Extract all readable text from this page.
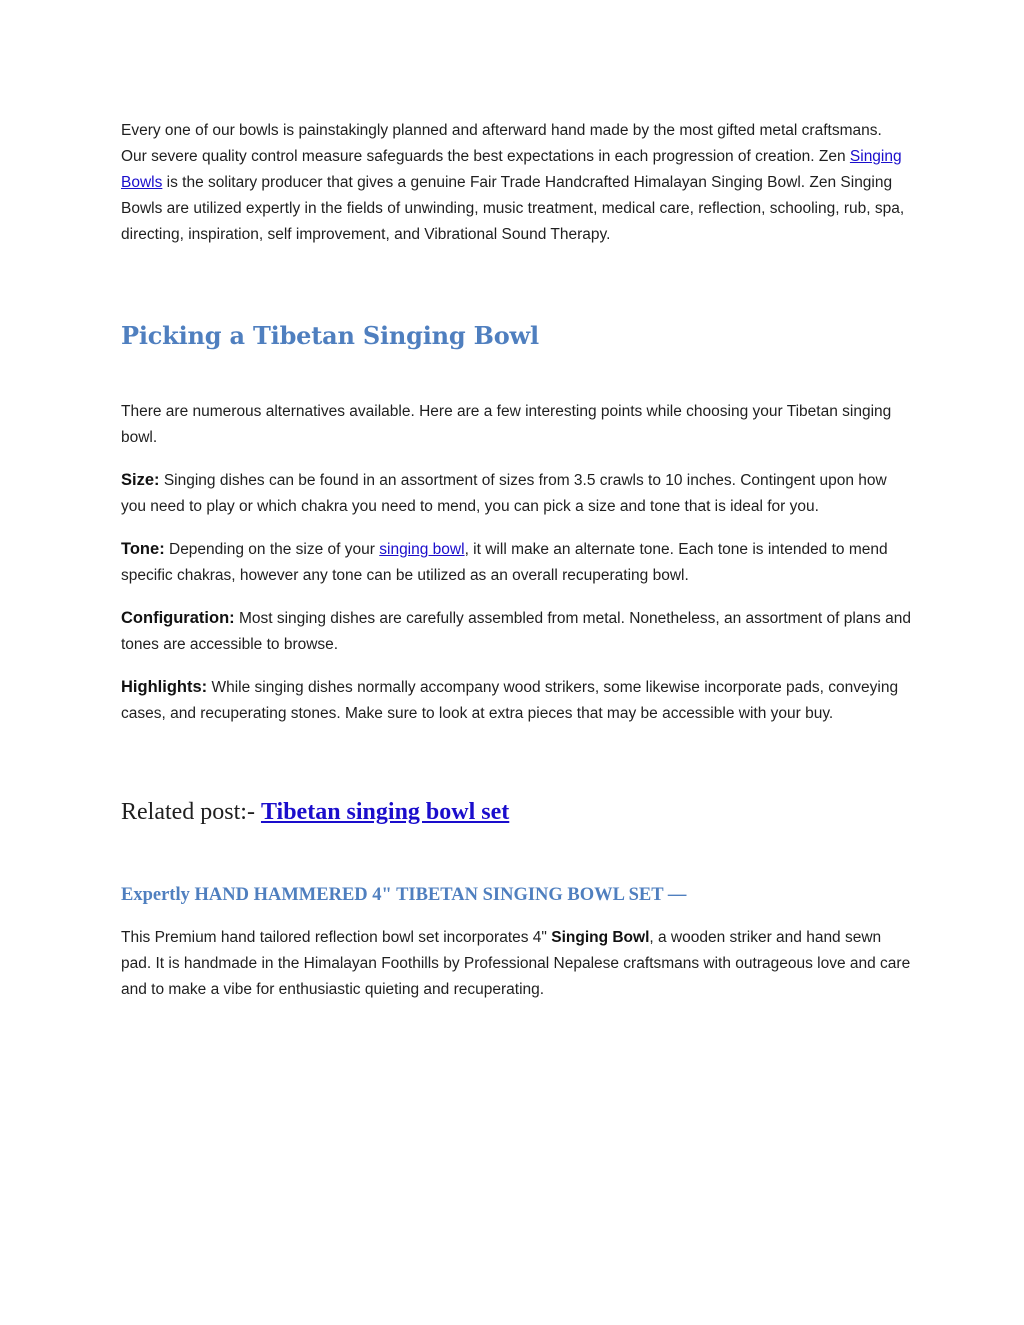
Every one of our bowls is painstakingly planned and afterward hand made by the most gifted metal craftsmans. Our severe quality control measure safeguards the best expectations in each progression of creation. Zen Singing Bowls is the solitary producer that gives a genuine Fair Trade Handcrafted Himalayan Singing Bowl. Zen Singing Bowls are utilized expertly in the fields of unwinding, music treatment, medical care, reflection, schooling, rub, spa, directing, inspiration, self improvement, and Vibrational Sound Therapy.

Picking a Tibetan Singing Bowl

There are numerous alternatives available. Here are a few interesting points while choosing your Tibetan singing bowl.

Size: Singing dishes can be found in an assortment of sizes from 3.5 crawls to 10 inches. Contingent upon how you need to play or which chakra you need to mend, you can pick a size and tone that is ideal for you.

Tone: Depending on the size of your singing bowl, it will make an alternate tone. Each tone is intended to mend specific chakras, however any tone can be utilized as an overall recuperating bowl.

Configuration: Most singing dishes are carefully assembled from metal. Nonetheless, an assortment of plans and tones are accessible to browse.

Highlights: While singing dishes normally accompany wood strikers, some likewise incorporate pads, conveying cases, and recuperating stones. Make sure to look at extra pieces that may be accessible with your buy.

Related post:- Tibetan singing bowl set
Expertly HAND HAMMERED 4" TIBETAN SINGING BOWL SET —

This Premium hand tailored reflection bowl set incorporates 4" Singing Bowl, a wooden striker and hand sewn pad. It is handmade in the Himalayan Foothills by Professional Nepalese craftsmans with outrageous love and care and to make a vibe for enthusiastic quieting and recuperating.
